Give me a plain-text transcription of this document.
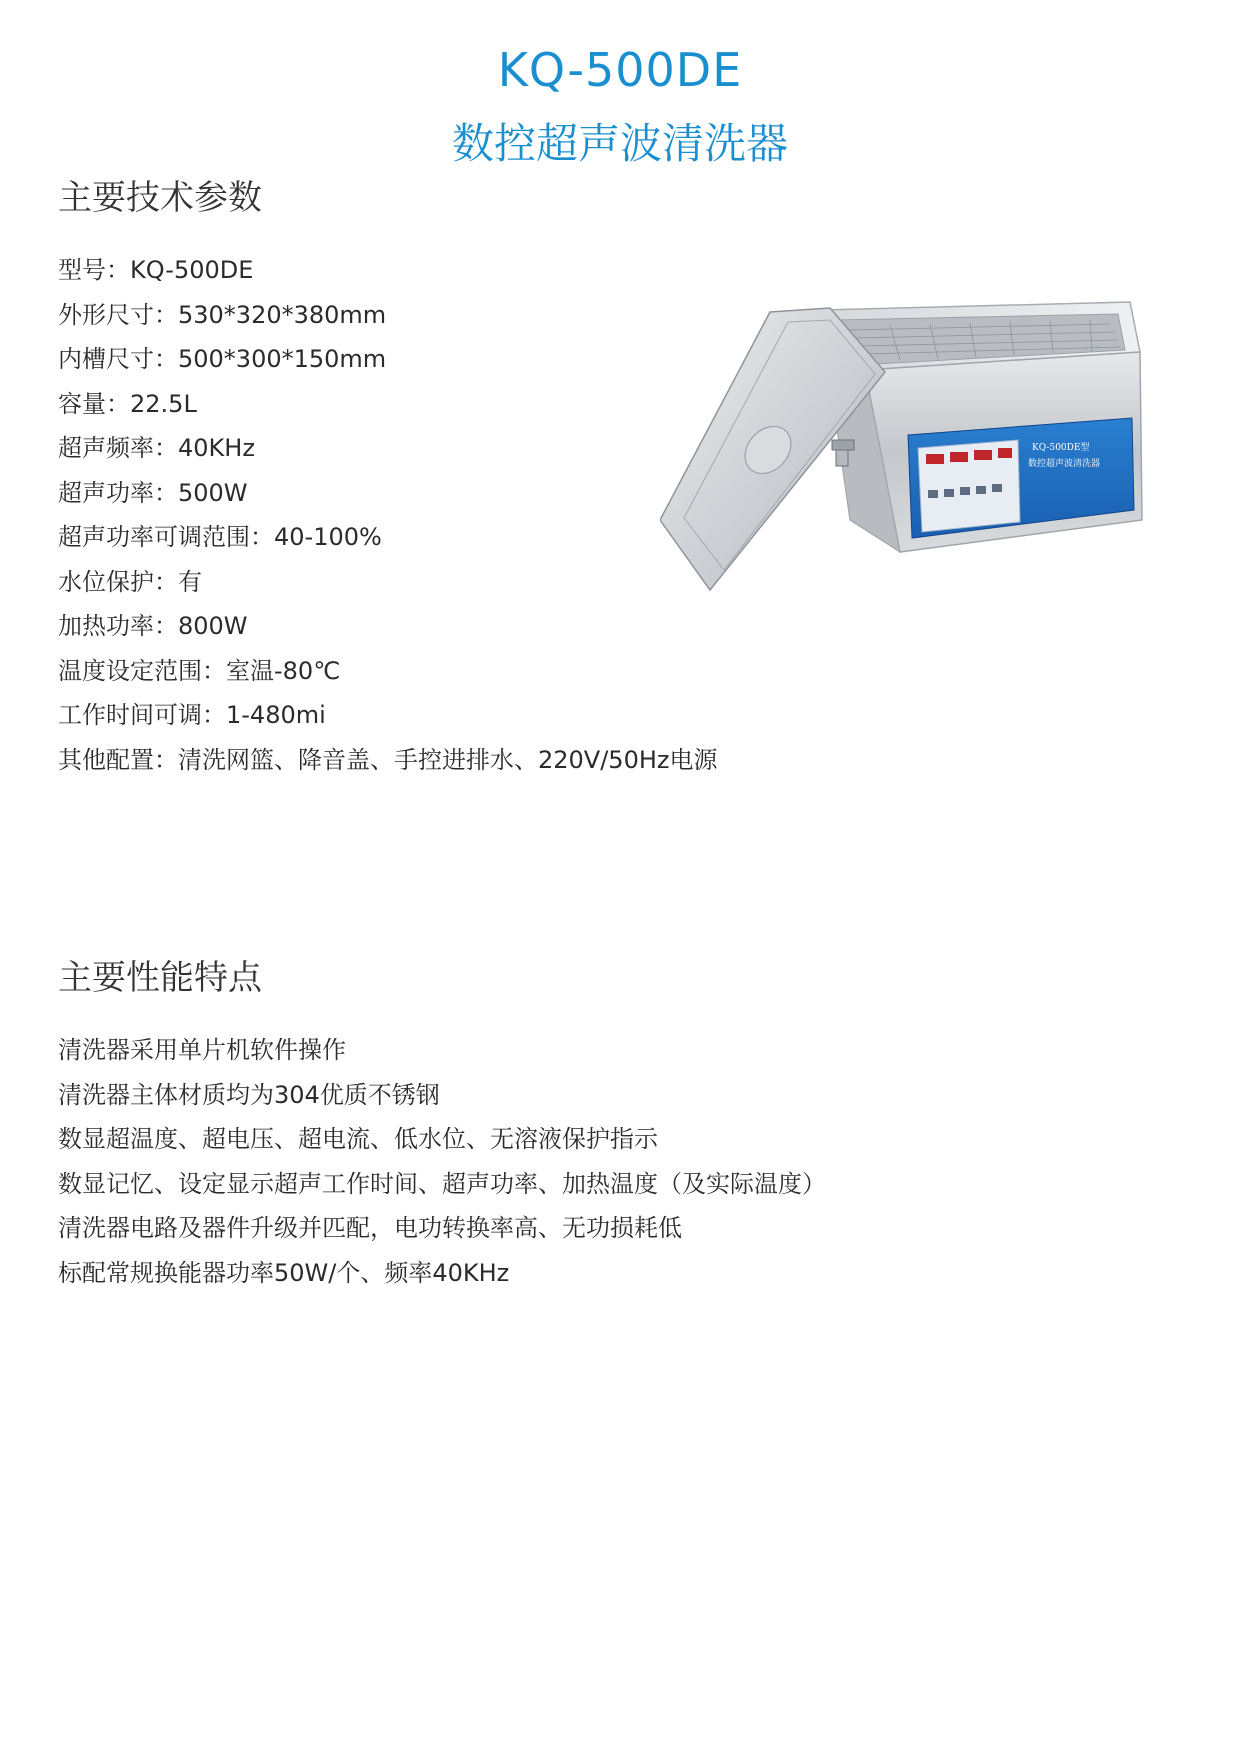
KQ-500DE
数控超声波清洗器
主要技术参数
型号：KQ-500DE
外形尺寸：530*320*380mm
内槽尺寸：500*300*150mm
容量：22.5L
超声频率：40KHz
超声功率：500W
超声功率可调范围：40-100%
水位保护：有
加热功率：800W
温度设定范围：室温-80℃
工作时间可调：1-480mi
其他配置：清洗网篮、降音盖、手控进排水、220V/50Hz电源
KQ-500DE型
数控超声波清洗器
主要性能特点
清洗器采用单片机软件操作
清洗器主体材质均为304优质不锈钢
数显超温度、超电压、超电流、低水位、无溶液保护指示
数显记忆、设定显示超声工作时间、超声功率、加热温度（及实际温度）
清洗器电路及器件升级并匹配，电功转换率高、无功损耗低
标配常规换能器功率50W/个、频率40KHz
